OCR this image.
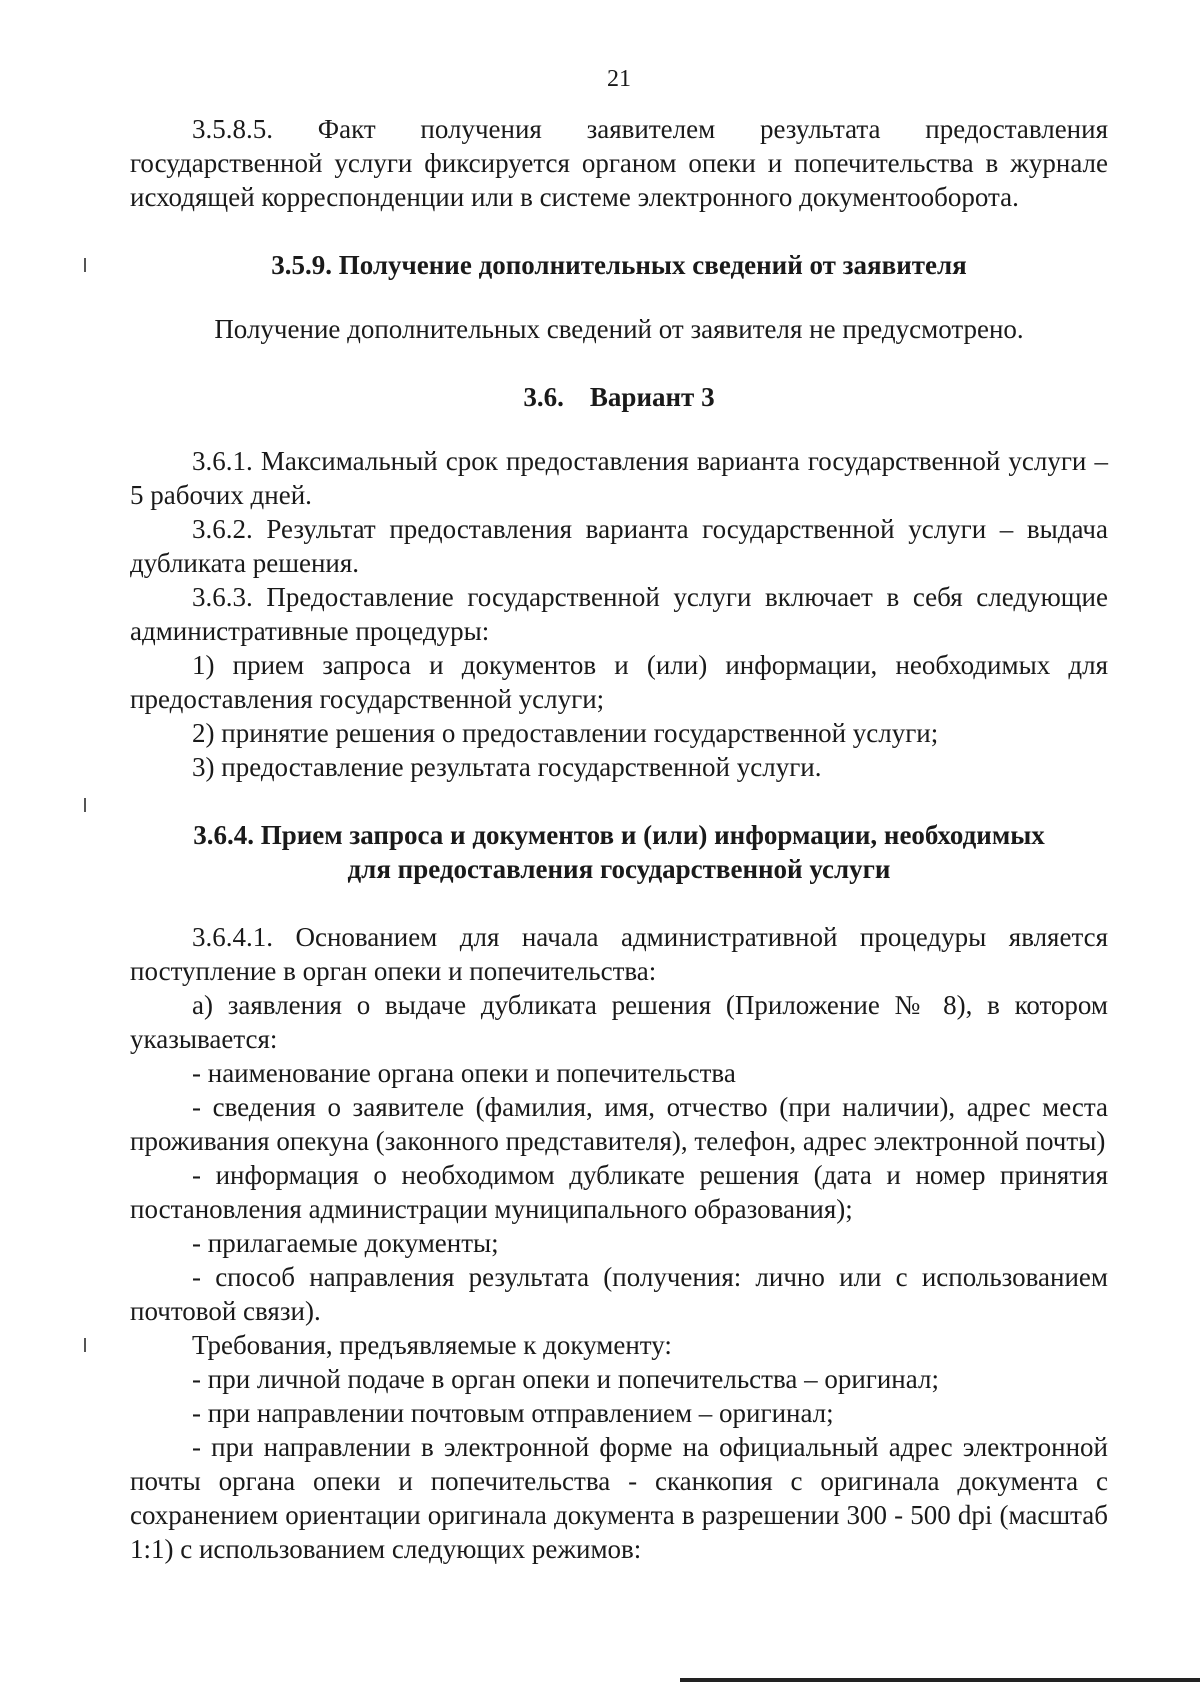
21

3.5.8.5. Факт получения заявителем результата предоставления государственной услуги фиксируется органом опеки и попечительства в журнале исходящей корреспонденции или в системе электронного документооборота.

3.5.9. Получение дополнительных сведений от заявителя

Получение дополнительных сведений от заявителя не предусмотрено.

3.6. Вариант 3

3.6.1. Максимальный срок предоставления варианта государственной услуги – 5 рабочих дней.

3.6.2. Результат предоставления варианта государственной услуги – выдача дубликата решения.

3.6.3. Предоставление государственной услуги включает в себя следующие административные процедуры:

1) прием запроса и документов и (или) информации, необходимых для предоставления государственной услуги;

2) принятие решения о предоставлении государственной услуги;

3) предоставление результата государственной услуги.

3.6.4. Прием запроса и документов и (или) информации, необходимых
для предоставления государственной услуги

3.6.4.1. Основанием для начала административной процедуры является поступление в орган опеки и попечительства:

а) заявления о выдаче дубликата решения (Приложение № 8), в котором указывается:

- наименование органа опеки и попечительства

- сведения о заявителе (фамилия, имя, отчество (при наличии), адрес места проживания опекуна (законного представителя), телефон, адрес электронной почты)

- информация о необходимом дубликате решения (дата и номер принятия постановления администрации муниципального образования);

- прилагаемые документы;

- способ направления результата (получения: лично или с использованием почтовой связи).

Требования, предъявляемые к документу:

- при личной подаче в орган опеки и попечительства – оригинал;

- при направлении почтовым отправлением – оригинал;

- при направлении в электронной форме на официальный адрес электронной почты органа опеки и попечительства - сканкопия с оригинала документа с сохранением ориентации оригинала документа в разрешении 300 - 500 dpi (масштаб 1:1) с использованием следующих режимов:
